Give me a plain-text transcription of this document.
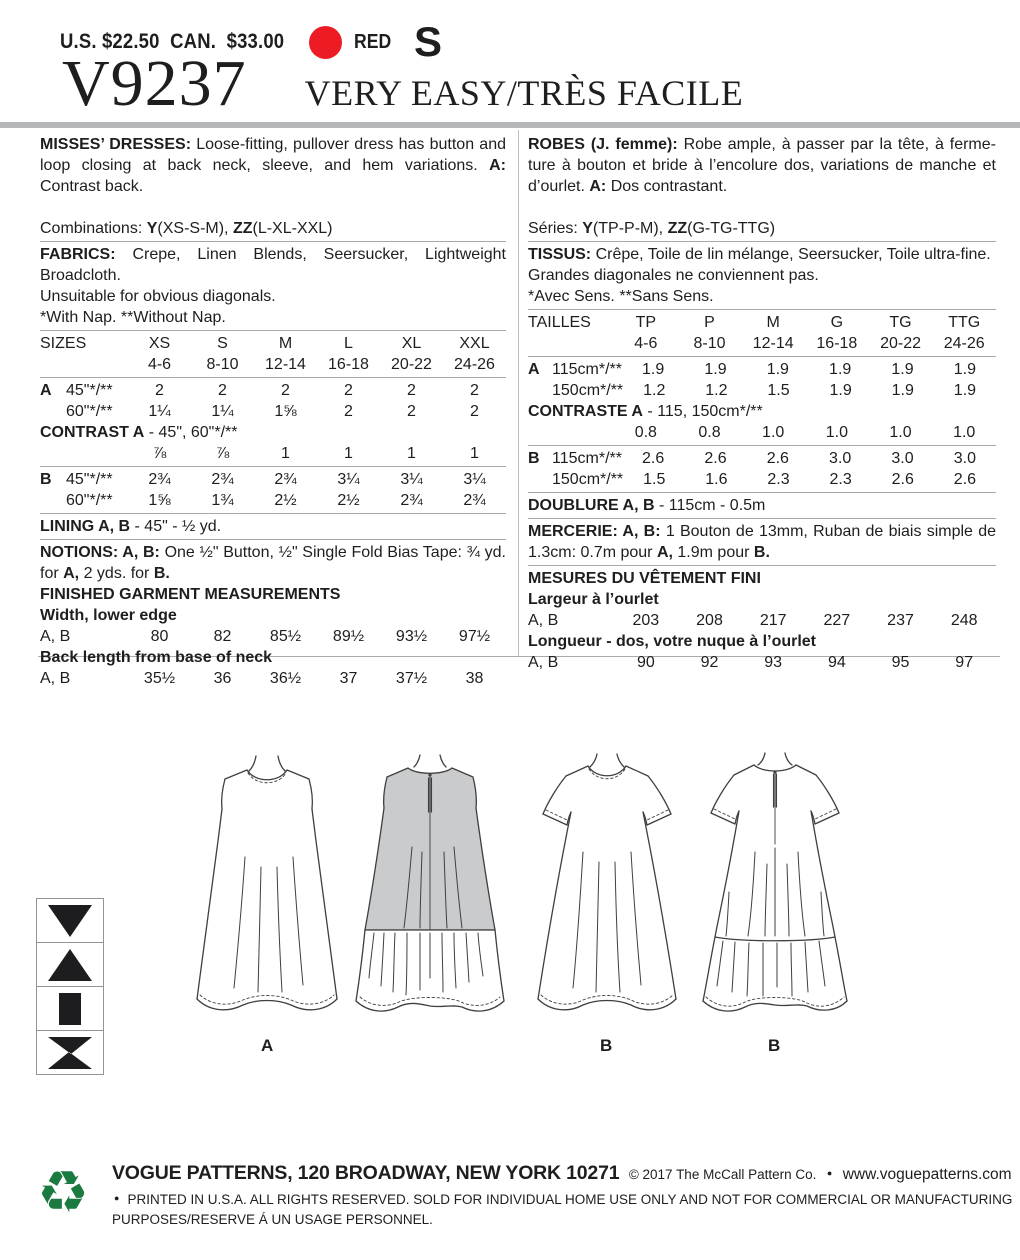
U.S. $22.50  CAN.  $33.00	RED S
V9237 VERY EASY/TRÈS FACILE

MISSES’ DRESSES: Loose-fitting, pullover dress has button and loop closing at back neck, sleeve, and hem variations. A: Contrast back.

Combinations: Y(XS-S-M), ZZ(L-XL-XXL)

FABRICS: Crepe, Linen Blends, Seersucker, Lightweight Broadcloth.

Unsuitable for obvious diagonals.

*With Nap. **Without Nap.

SIZES	XS	S	M	L	XL	XXL
4-6	8-10	12-14	16-18	20-22	24-26
A 45"*/**	2	2	2	2	2	2
60"*/**	1¼	1¼	1⅝	2	2	2

CONTRAST A - 45", 60"*/**

⅞	⅞	1	1	1	1
B 45"*/**	2¾	2¾	2¾	3¼	3¼	3¼
60"*/**	1⅝	1¾	2½	2½	2¾	2¾

LINING A, B - 45" - ½ yd.

NOTIONS: A, B: One ½" Button, ½" Single Fold Bias Tape: ¾ yd. for A, 2 yds. for B.

FINISHED GARMENT MEASUREMENTS

Width, lower edge

A, B	80	82	85½	89½	93½	97½

Back length from base of neck

A, B	35½	36	36½	37	37½	38

ROBES (J. femme): Robe ample, à passer par la tête, à fermeture à bouton et bride à l’encolure dos, variations de manche et d’ourlet. A: Dos contrastant.

Séries: Y(TP-P-M), ZZ(G-TG-TTG)

TISSUS: Crêpe, Toile de lin mélange, Seersucker, Toile ultra-fine.

Grandes diagonales ne conviennent pas.

*Avec Sens. **Sans Sens.

TAILLES	TP	P	M	G	TG	TTG
4-6	8-10	12-14	16-18	20-22	24-26
A 115cm*/**	1.9	1.9	1.9	1.9	1.9	1.9
150cm*/**	1.2	1.2	1.5	1.9	1.9	1.9

CONTRASTE A - 115, 150cm*/**

0.8	0.8	1.0	1.0	1.0	1.0
B 115cm*/**	2.6	2.6	2.6	3.0	3.0	3.0
150cm*/**	1.5	1.6	2.3	2.3	2.6	2.6

DOUBLURE A, B - 115cm - 0.5m

MERCERIE: A, B: 1 Bouton de 13mm, Ruban de biais simple de 1.3cm: 0.7m pour A, 1.9m pour B.

MESURES DU VÊTEMENT FINI

Largeur à l’ourlet

A, B	203	208	217	227	237	248

Longueur - dos, votre nuque à l’ourlet

A, B	90	92	93	94	95	97
A	B	B
♻	VOGUE PATTERNS, 120 BROADWAY, NEW YORK 10271 © 2017 The McCall Pattern Co. ● www.voguepatterns.com
● PRINTED IN U.S.A. ALL RIGHTS RESERVED. SOLD FOR INDIVIDUAL HOME USE ONLY AND NOT FOR COMMERCIAL OR MANUFACTURING
PURPOSES/RESERVE Á UN USAGE PERSONNEL.
